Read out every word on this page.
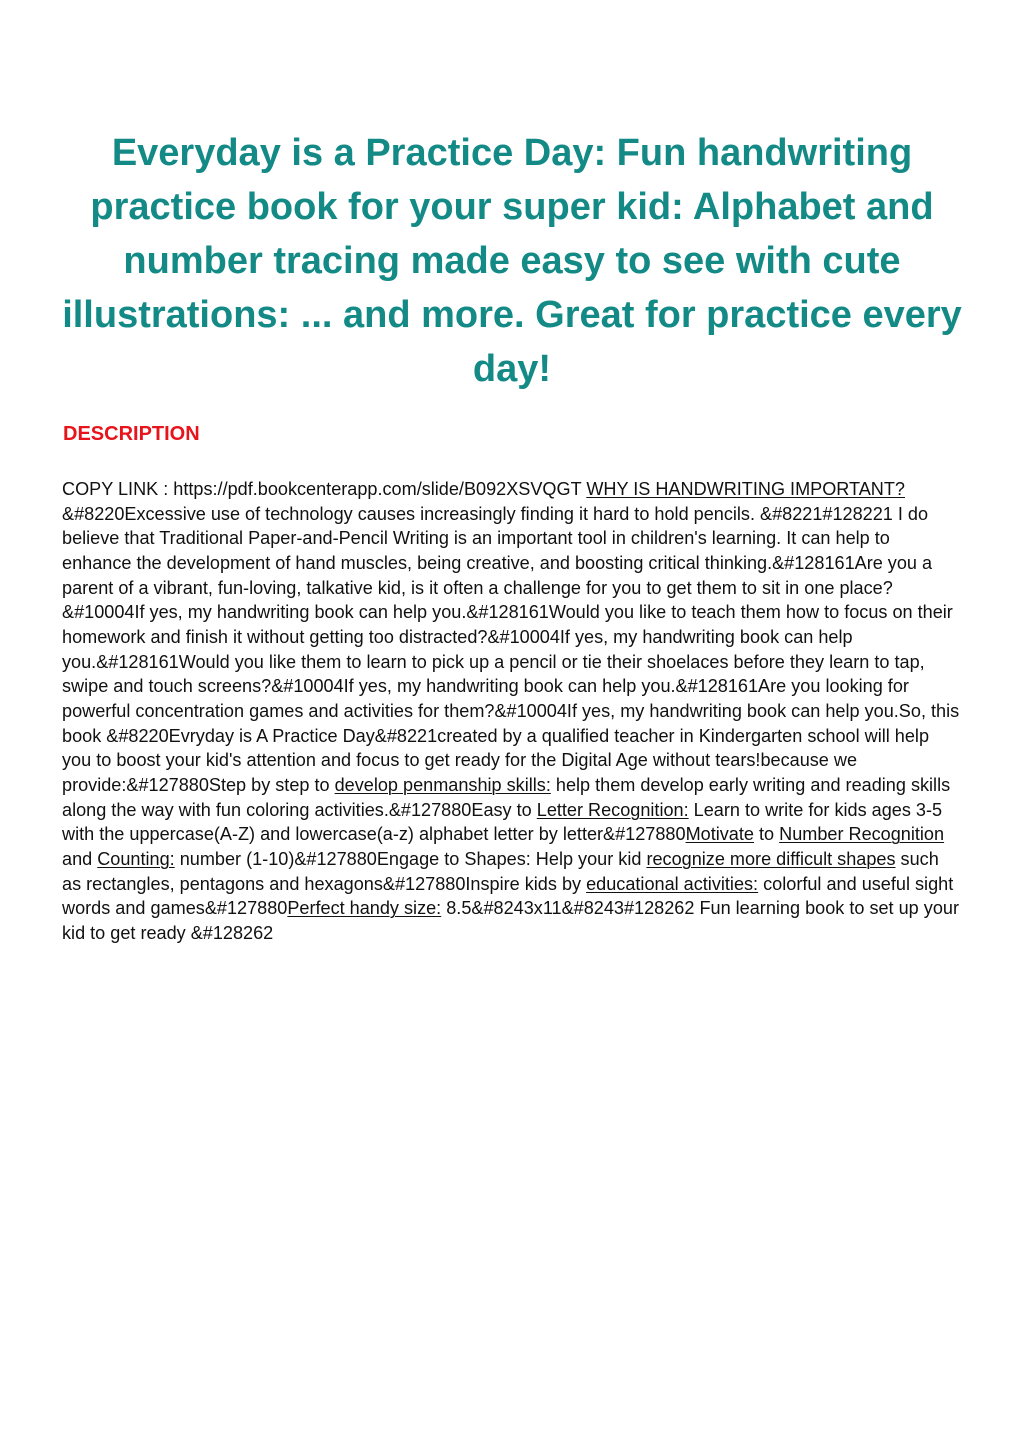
Everyday is a Practice Day: Fun handwriting practice book for your super kid: Alphabet and number tracing made easy to see with cute illustrations: ... and more. Great for practice every day!
DESCRIPTION

COPY LINK : https://pdf.bookcenterapp.com/slide/B092XSVQGT WHY IS HANDWRITING IMPORTANT?&#8220Excessive use of technology causes increasingly finding it hard to hold pencils. &#8221#128221 I do believe that Traditional Paper-and-Pencil Writing is an important tool in children's learning. It can help to enhance the development of hand muscles, being creative, and boosting critical thinking.&#128161Are you a parent of a vibrant, fun-loving, talkative kid, is it often a challenge for you to get them to sit in one place?&#10004If yes, my handwriting book can help you.&#128161Would you like to teach them how to focus on their homework and finish it without getting too distracted?&#10004If yes, my handwriting book can help you.&#128161Would you like them to learn to pick up a pencil or tie their shoelaces before they learn to tap, swipe and touch screens?&#10004If yes, my handwriting book can help you.&#128161Are you looking for powerful concentration games and activities for them?&#10004If yes, my handwriting book can help you.So, this book &#8220Evryday is A Practice Day&#8221created by a qualified teacher in Kindergarten school will help you to boost your kid's attention and focus to get ready for the Digital Age without tears!because we provide:&#127880Step by step to develop penmanship skills: help them develop early writing and reading skills along the way with fun coloring activities.&#127880Easy to Letter Recognition: Learn to write for kids ages 3-5 with the uppercase(A-Z) and lowercase(a-z) alphabet letter by letter&#127880Motivate to Number Recognition and Counting: number (1-10)&#127880Engage to Shapes: Help your kid recognize more difficult shapes such as rectangles, pentagons and hexagons&#127880Inspire kids by educational activities: colorful and useful sight words and games&#127880Perfect handy size: 8.5&#8243x11&#8243#128262 Fun learning book to set up your kid to get ready &#128262
